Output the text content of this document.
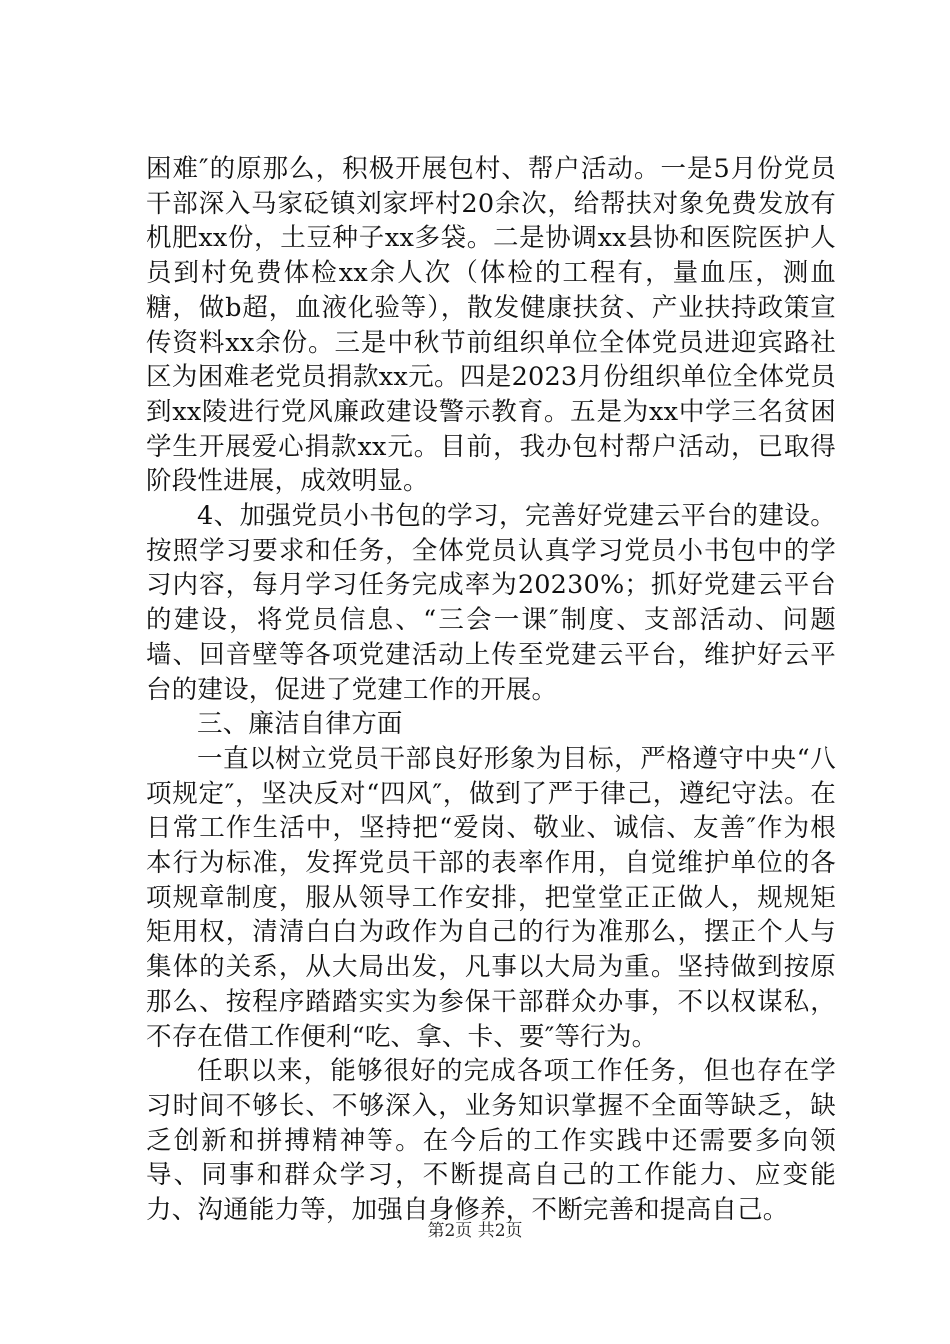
困难″的原那么，积极开展包村、帮户活动。一是5月份党员干部深入马家砭镇刘家坪村20余次，给帮扶对象免费发放有机肥xx份，土豆种子xx多袋。二是协调xx县协和医院医护人员到村免费体检xx余人次（体检的工程有，量血压，测血糖，做b超，血液化验等），散发健康扶贫、产业扶持政策宣传资料xx余份。三是中秋节前组织单位全体党员进迎宾路社区为困难老党员捐款xx元。四是2023月份组织单位全体党员到xx陵进行党风廉政建设警示教育。五是为xx中学三名贫困学生开展爱心捐款xx元。目前，我办包村帮户活动，已取得阶段性进展，成效明显。

4、加强党员小书包的学习，完善好党建云平台的建设。按照学习要求和任务，全体党员认真学习党员小书包中的学习内容，每月学习任务完成率为20230%；抓好党建云平台的建设，将党员信息、“三会一课″制度、支部活动、问题墙、回音壁等各项党建活动上传至党建云平台，维护好云平台的建设，促进了党建工作的开展。

三、廉洁自律方面

一直以树立党员干部良好形象为目标，严格遵守中央“八项规定″，坚决反对“四风″，做到了严于律己，遵纪守法。在日常工作生活中，坚持把“爱岗、敬业、诚信、友善″作为根本行为标准，发挥党员干部的表率作用，自觉维护单位的各项规章制度，服从领导工作安排，把堂堂正正做人，规规矩矩用权，清清白白为政作为自己的行为准那么，摆正个人与集体的关系，从大局出发，凡事以大局为重。坚持做到按原那么、按程序踏踏实实为参保干部群众办事，不以权谋私，不存在借工作便利“吃、拿、卡、要″等行为。

任职以来，能够很好的完成各项工作任务，但也存在学习时间不够长、不够深入，业务知识掌握不全面等缺乏，缺乏创新和拼搏精神等。在今后的工作实践中还需要多向领导、同事和群众学习，不断提高自己的工作能力、应变能力、沟通能力等，加强自身修养，不断完善和提高自己。

第2页 共2页
